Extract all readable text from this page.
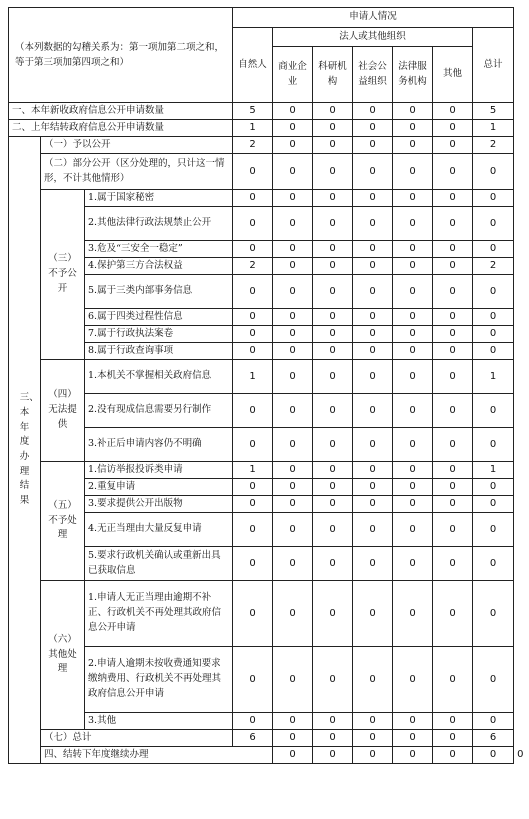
（本列数据的勾稽关系为：第一项加第二项之和，等于第三项加第四项之和）			申请人情况							
			自然人	法人或其他组织					总计	
				商业企业	科研机构	社会公益组织	法律服务机构	其他		
一、本年新收政府信息公开申请数量			5	0	0	0	0	0	5	
二、上年结转政府信息公开申请数量			1	0	0	0	0	0	1	
三、本年度办理结果	（一）予以公开		2	0	0	0	0	0	2	
	（二）部分公开（区分处理的，只计这一情形，不计其他情形）		0	0	0	0	0	0	0	
	（三）不予公开	1.属于国家秘密	0	0	0	0	0	0	0	
		2.其他法律行政法规禁止公开	0	0	0	0	0	0	0	
		3.危及“三安全一稳定”	0	0	0	0	0	0	0	
		4.保护第三方合法权益	2	0	0	0	0	0	2	
		5.属于三类内部事务信息	0	0	0	0	0	0	0	
		6.属于四类过程性信息	0	0	0	0	0	0	0	
		7.属于行政执法案卷	0	0	0	0	0	0	0	
		8.属于行政查询事项	0	0	0	0	0	0	0	
	（四）无法提供	1.本机关不掌握相关政府信息	1	0	0	0	0	0	1	
		2.没有现成信息需要另行制作	0	0	0	0	0	0	0	
		3.补正后申请内容仍不明确	0	0	0	0	0	0	0	
	（五）不予处理	1.信访举报投诉类申请	1	0	0	0	0	0	1	
		2.重复申请	0	0	0	0	0	0	0	
		3.要求提供公开出版物	0	0	0	0	0	0	0	
		4.无正当理由大量反复申请	0	0	0	0	0	0	0	
		5.要求行政机关确认或重新出具已获取信息	0	0	0	0	0	0	0	
	（六）其他处理	1.申请人无正当理由逾期不补正、行政机关不再处理其政府信息公开申请	0	0	0	0	0	0	0	
		2.申请人逾期未按收费通知要求缴纳费用、行政机关不再处理其政府信息公开申请	0	0	0	0	0	0	0	
		3.其他	0	0	0	0	0	0	0	
	（七）总计		6	0	0	0	0	0	6	
	四、结转下年度继续办理			0	0	0	0	0	0	0
